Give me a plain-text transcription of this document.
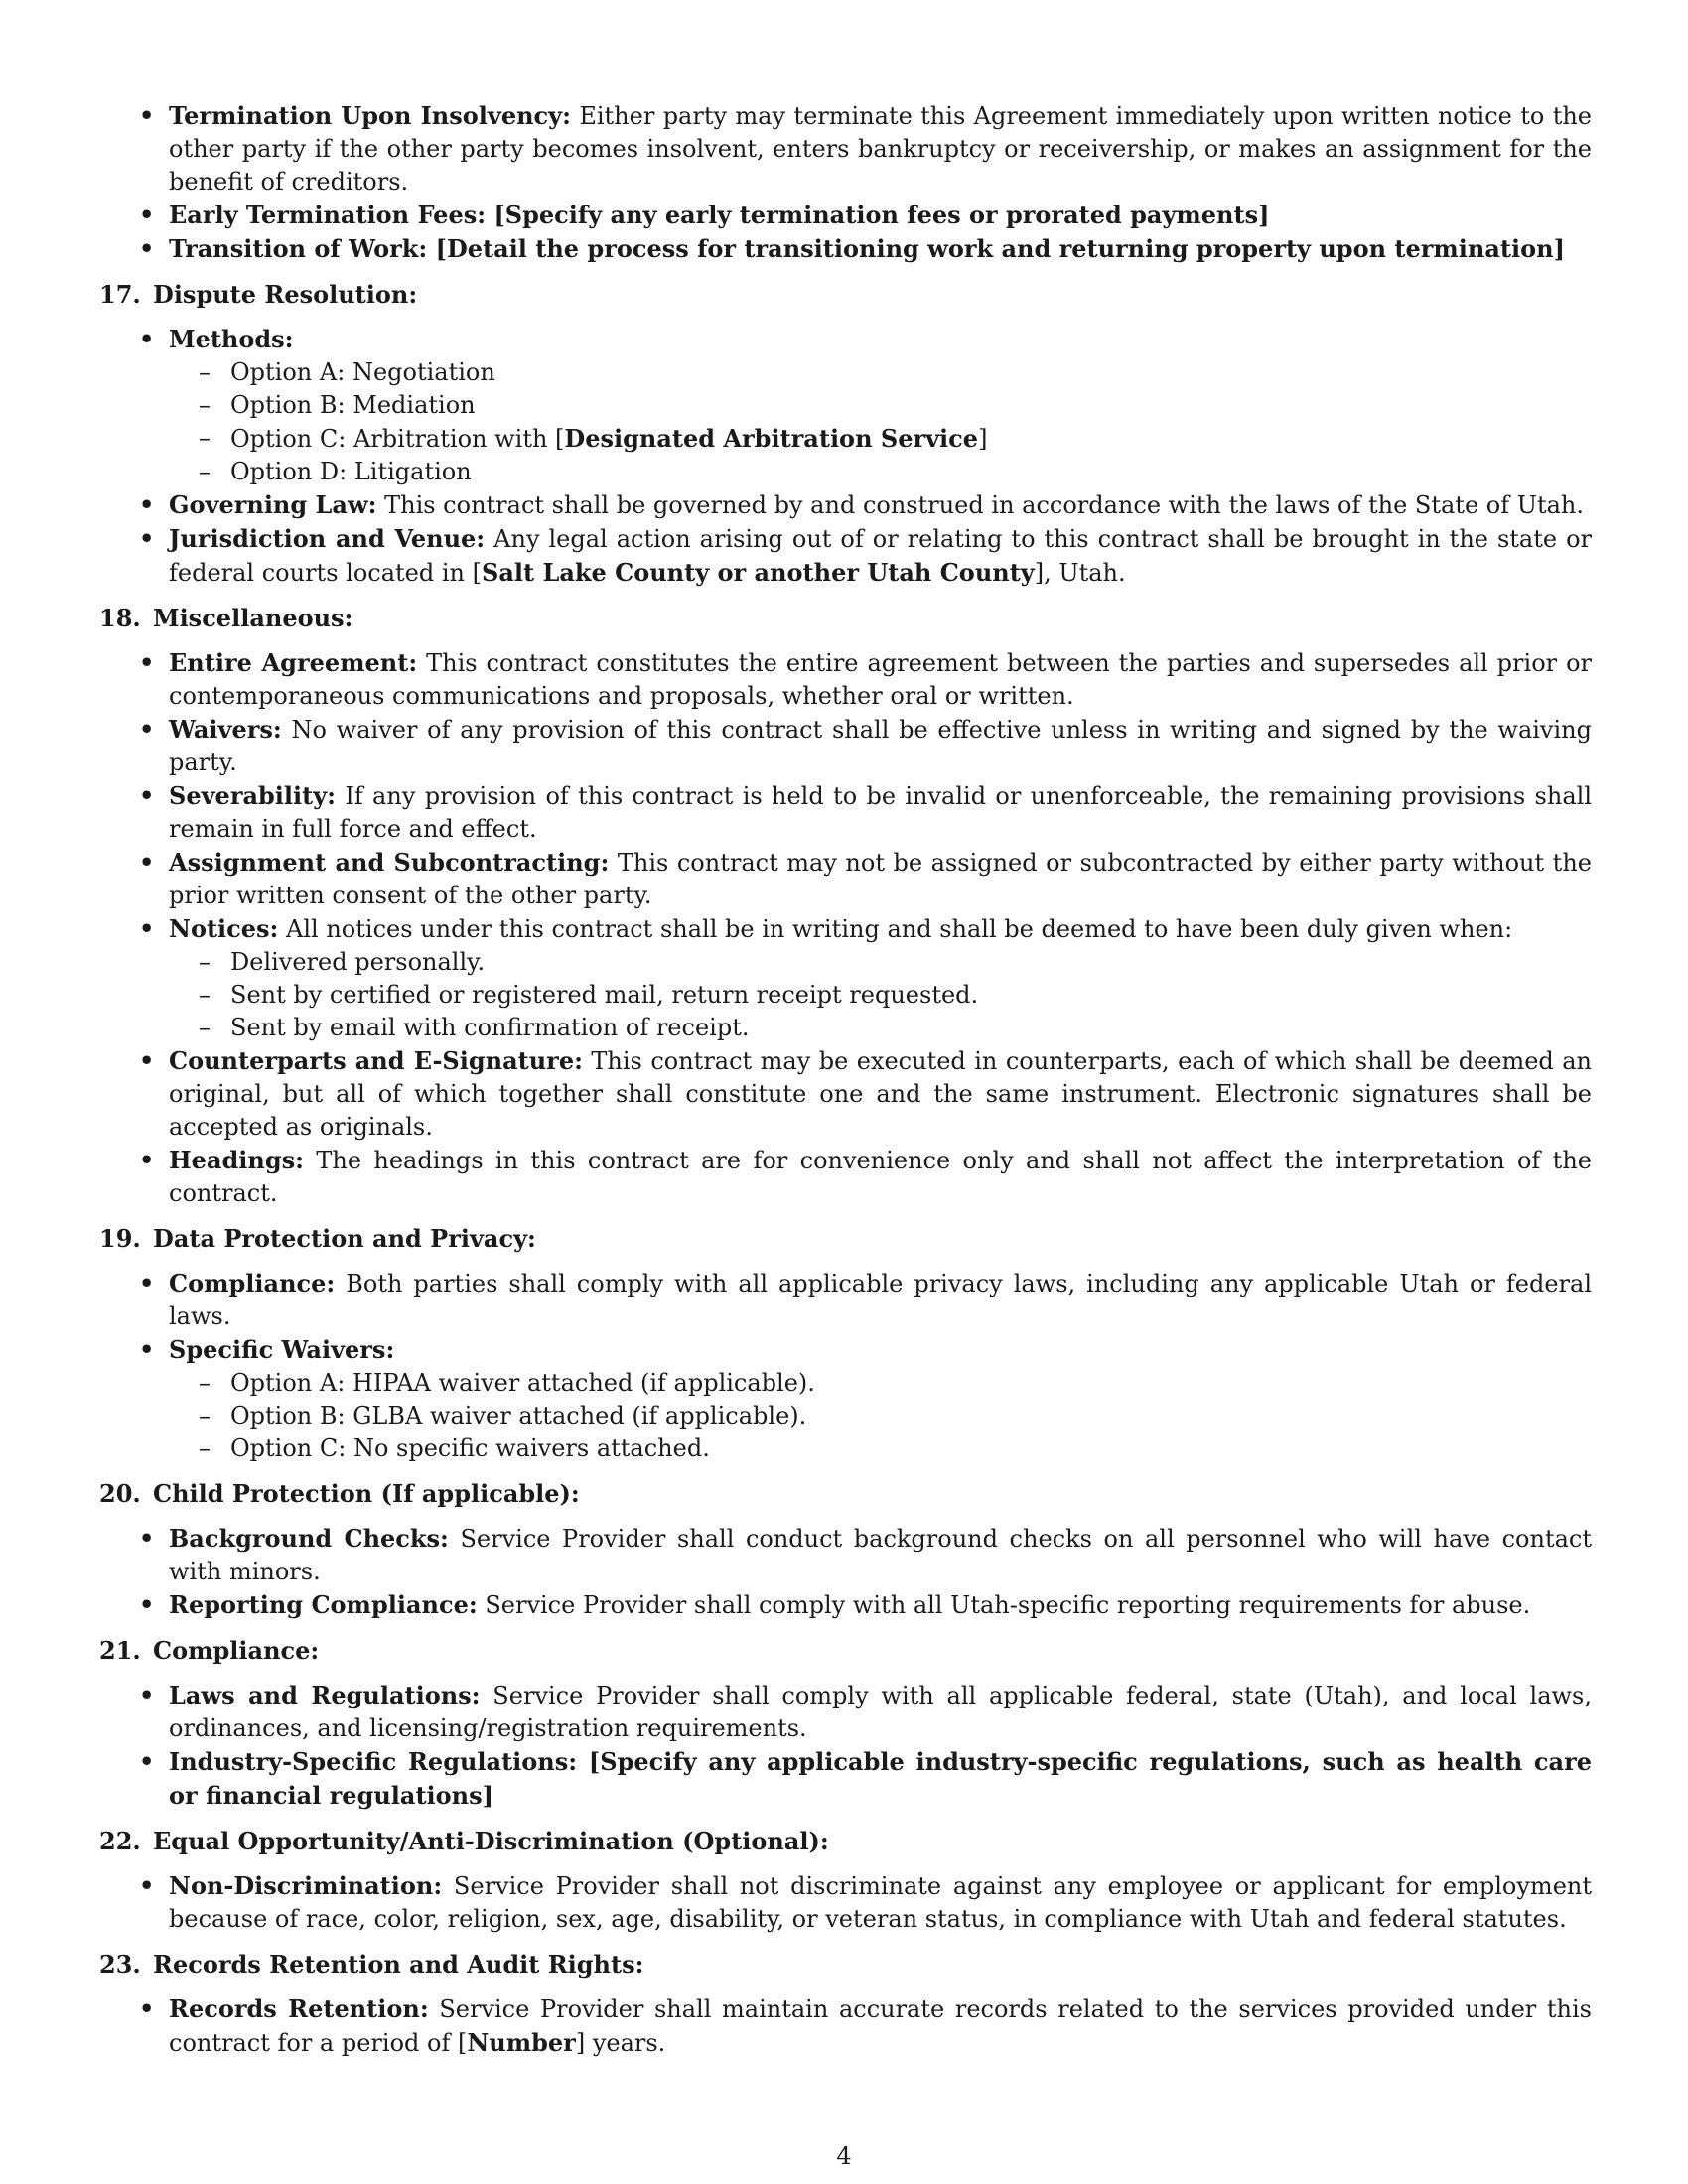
• Termination Upon Insolvency: Either party may terminate this Agreement immediately upon written notice to the other party if the other party becomes insolvent, enters bankruptcy or receivership, or makes an assignment for the benefit of creditors.
• Early Termination Fees: [Specify any early termination fees or prorated payments]
• Transition of Work: [Detail the process for transitioning work and returning property upon termination]
17. Dispute Resolution:
• Methods:
– Option A: Negotiation
– Option B: Mediation
– Option C: Arbitration with [Designated Arbitration Service]
– Option D: Litigation
• Governing Law: This contract shall be governed by and construed in accordance with the laws of the State of Utah.
• Jurisdiction and Venue: Any legal action arising out of or relating to this contract shall be brought in the state or federal courts located in [Salt Lake County or another Utah County], Utah.
18. Miscellaneous:
• Entire Agreement: This contract constitutes the entire agreement between the parties and supersedes all prior or contemporaneous communications and proposals, whether oral or written.
• Waivers: No waiver of any provision of this contract shall be effective unless in writing and signed by the waiving party.
• Severability: If any provision of this contract is held to be invalid or unenforceable, the remaining provisions shall remain in full force and effect.
• Assignment and Subcontracting: This contract may not be assigned or subcontracted by either party without the prior written consent of the other party.
• Notices: All notices under this contract shall be in writing and shall be deemed to have been duly given when:
– Delivered personally.
– Sent by certified or registered mail, return receipt requested.
– Sent by email with confirmation of receipt.
• Counterparts and E-Signature: This contract may be executed in counterparts, each of which shall be deemed an original, but all of which together shall constitute one and the same instrument. Electronic signatures shall be accepted as originals.
• Headings: The headings in this contract are for convenience only and shall not affect the interpretation of the contract.
19. Data Protection and Privacy:
• Compliance: Both parties shall comply with all applicable privacy laws, including any applicable Utah or federal laws.
• Specific Waivers:
– Option A: HIPAA waiver attached (if applicable).
– Option B: GLBA waiver attached (if applicable).
– Option C: No specific waivers attached.
20. Child Protection (If applicable):
• Background Checks: Service Provider shall conduct background checks on all personnel who will have contact with minors.
• Reporting Compliance: Service Provider shall comply with all Utah-specific reporting requirements for abuse.
21. Compliance:
• Laws and Regulations: Service Provider shall comply with all applicable federal, state (Utah), and local laws, ordinances, and licensing/registration requirements.
• Industry-Specific Regulations: [Specify any applicable industry-specific regulations, such as health care or financial regulations]
22. Equal Opportunity/Anti-Discrimination (Optional):
• Non-Discrimination: Service Provider shall not discriminate against any employee or applicant for employment because of race, color, religion, sex, age, disability, or veteran status, in compliance with Utah and federal statutes.
23. Records Retention and Audit Rights:
• Records Retention: Service Provider shall maintain accurate records related to the services provided under this contract for a period of [Number] years.
4
